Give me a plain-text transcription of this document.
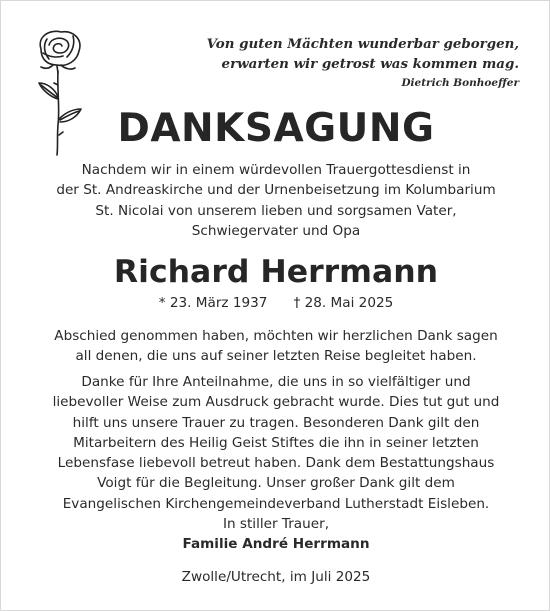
Von guten Mächten wunderbar geborgen,
erwarten wir getrost was kommen mag.
Dietrich Bonhoeffer
DANKSAGUNG
Nachdem wir in einem würdevollen Trauergottesdienst in
der St. Andreaskirche und der Urnenbeisetzung im Kolumbarium
St. Nicolai von unserem lieben und sorgsamen Vater,
Schwiegervater und Opa
Richard Herrmann
* 23. März 1937 † 28. Mai 2025
Abschied genommen haben, möchten wir herzlichen Dank sagen
all denen, die uns auf seiner letzten Reise begleitet haben.
Danke für Ihre Anteilnahme, die uns in so vielfältiger und
liebevoller Weise zum Ausdruck gebracht wurde. Dies tut gut und
hilft uns unsere Trauer zu tragen. Besonderen Dank gilt den
Mitarbeitern des Heilig Geist Stiftes die ihn in seiner letzten
Lebensfase liebevoll betreut haben. Dank dem Bestattungshaus
Voigt für die Begleitung. Unser großer Dank gilt dem
Evangelischen Kirchengemeindeverband Lutherstadt Eisleben.
In stiller Trauer,
Familie André Herrmann
Zwolle/Utrecht, im Juli 2025
